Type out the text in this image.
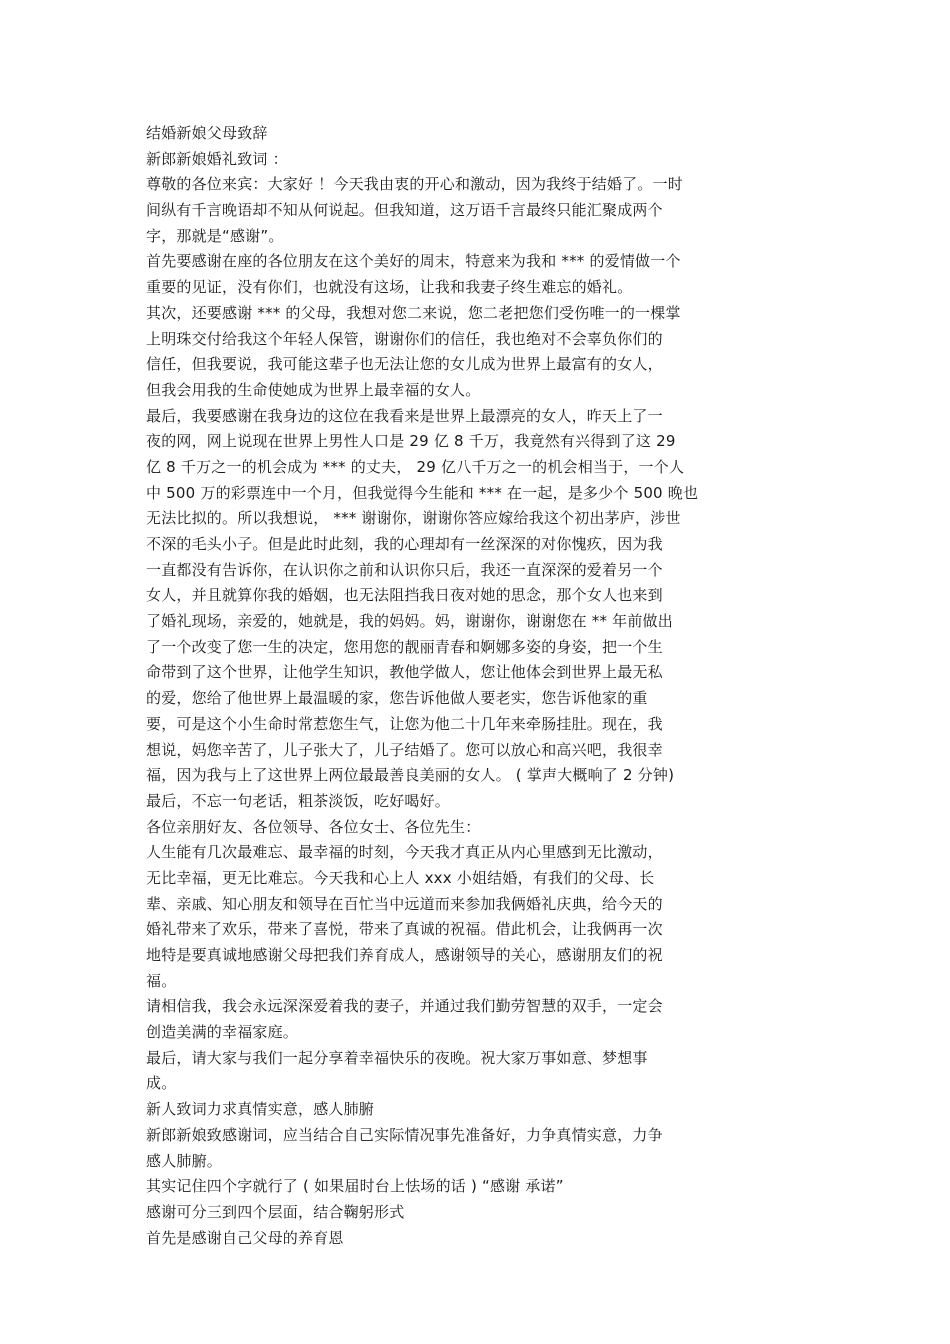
结婚新娘父母致辞
新郎新娘婚礼致词 ：
尊敬的各位来宾：大家好 ！今天我由衷的开心和激动，因为我终于结婚了。一时
间纵有千言晚语却不知从何说起。但我知道，这万语千言最终只能汇聚成两个
字，那就是“感谢”。
首先要感谢在座的各位朋友在这个美好的周末，特意来为我和 *** 的爱情做一个
重要的见证，没有你们，也就没有这场，让我和我妻子终生难忘的婚礼。
其次，还要感谢 *** 的父母，我想对您二来说，您二老把您们受伤唯一的一棵掌
上明珠交付给我这个年轻人保管，谢谢你们的信任，我也绝对不会辜负你们的
信任，但我要说，我可能这辈子也无法让您的女儿成为世界上最富有的女人，
但我会用我的生命使她成为世界上最幸福的女人。
最后，我要感谢在我身边的这位在我看来是世界上最漂亮的女人，昨天上了一
夜的网，网上说现在世界上男性人口是 29 亿 8 千万，我竟然有兴得到了这 29
亿 8 千万之一的机会成为 *** 的丈夫， 29 亿八千万之一的机会相当于，一个人
中 500 万的彩票连中一个月，但我觉得今生能和 *** 在一起，是多少个 500 晚也
无法比拟的。所以我想说， *** 谢谢你，谢谢你答应嫁给我这个初出茅庐，涉世
不深的毛头小子。但是此时此刻，我的心理却有一丝深深的对你愧疚，因为我
一直都没有告诉你，在认识你之前和认识你只后，我还一直深深的爱着另一个
女人，并且就算你我的婚姻，也无法阻挡我日夜对她的思念，那个女人也来到
了婚礼现场，亲爱的，她就是，我的妈妈。妈，谢谢你，谢谢您在 ** 年前做出
了一个改变了您一生的决定，您用您的靓丽青春和婀娜多姿的身姿，把一个生
命带到了这个世界，让他学生知识，教他学做人，您让他体会到世界上最无私
的爱，您给了他世界上最温暖的家，您告诉他做人要老实，您告诉他家的重
要，可是这个小生命时常惹您生气，让您为他二十几年来牵肠挂肚。现在，我
想说，妈您辛苦了，儿子张大了，儿子结婚了。您可以放心和高兴吧，我很幸
福，因为我与上了这世界上两位最最善良美丽的女人。 ( 掌声大概响了 2 分钟)
最后，不忘一句老话，粗茶淡饭，吃好喝好。
各位亲朋好友、各位领导、各位女士、各位先生：
人生能有几次最难忘、最幸福的时刻，今天我才真正从内心里感到无比激动，
无比幸福，更无比难忘。今天我和心上人 xxx 小姐结婚，有我们的父母、长
辈、亲戚、知心朋友和领导在百忙当中远道而来参加我俩婚礼庆典，给今天的
婚礼带来了欢乐，带来了喜悦，带来了真诚的祝福。借此机会，让我俩再一次
地特是要真诚地感谢父母把我们养育成人，感谢领导的关心，感谢朋友们的祝
福。
请相信我，我会永远深深爱着我的妻子，并通过我们勤劳智慧的双手，一定会
创造美满的幸福家庭。
最后，请大家与我们一起分享着幸福快乐的夜晚。祝大家万事如意、梦想事
成。
新人致词力求真情实意，感人肺腑
新郎新娘致感谢词，应当结合自己实际情况事先准备好，力争真情实意，力争
感人肺腑。
其实记住四个字就行了 ( 如果届时台上怯场的话 ) “感谢 承诺”
感谢可分三到四个层面，结合鞠躬形式
首先是感谢自己父母的养育恩
